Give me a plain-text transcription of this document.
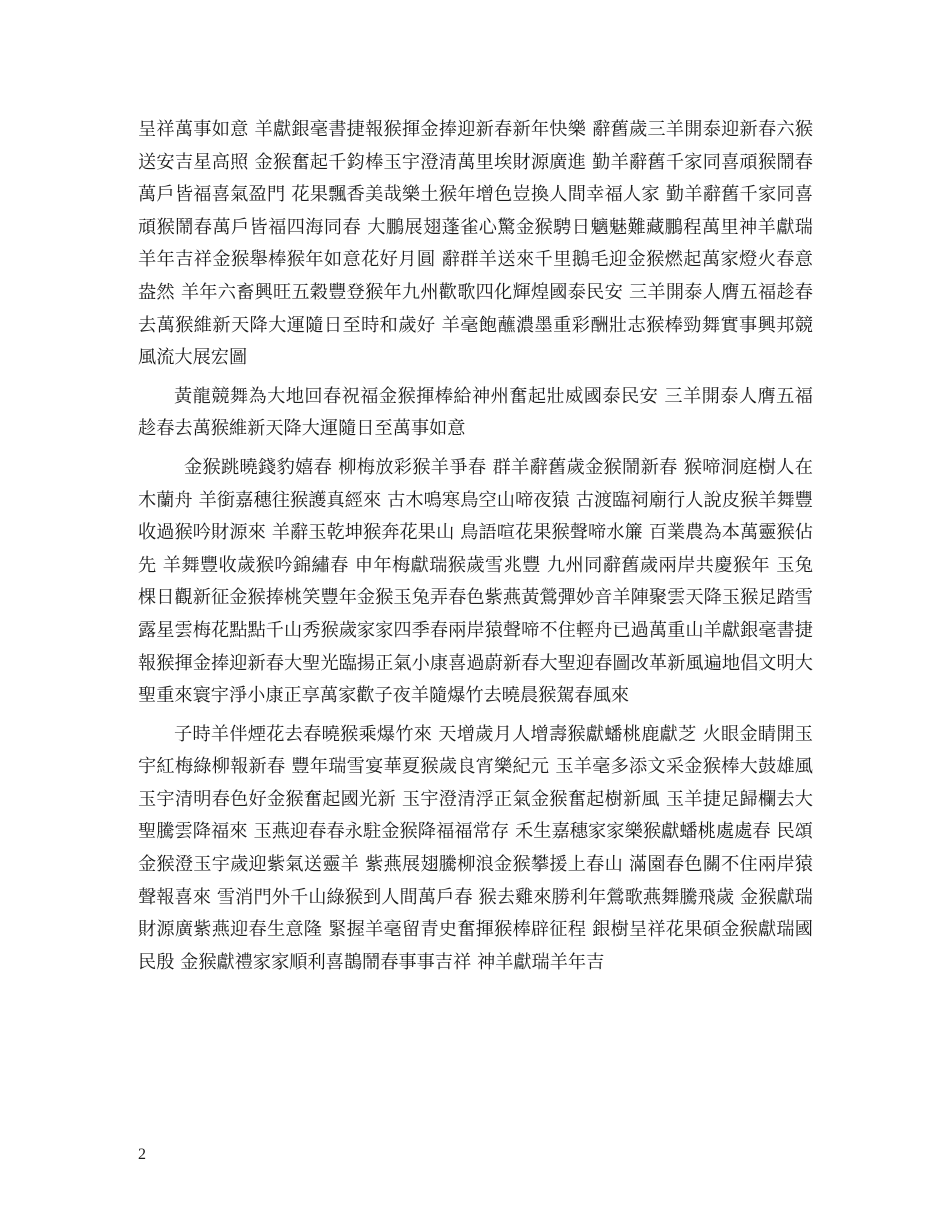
呈祥萬事如意 羊獻銀毫書捷報猴揮金捧迎新春新年快樂 辭舊歲三羊開泰迎新春六猴送安吉星高照 金猴奮起千鈞棒玉宇澄清萬里埃財源廣進 勤羊辭舊千家同喜頑猴鬧春萬戶皆福喜氣盈門 花果飄香美哉樂土猴年增色豈換人間幸福人家 勤羊辭舊千家同喜頑猴鬧春萬戶皆福四海同春 大鵬展翅蓬雀心驚金猴騁日魑魅難藏鵬程萬里神羊獻瑞羊年吉祥金猴舉棒猴年如意花好月圓 辭群羊送來千里鵝毛迎金猴燃起萬家燈火春意盎然 羊年六畜興旺五穀豐登猴年九州歡歌四化輝煌國泰民安 三羊開泰人膺五福趁春去萬猴維新天降大運隨日至時和歲好 羊毫飽蘸濃墨重彩酬壯志猴棒勁舞實事興邦競風流大展宏圖

黃龍競舞為大地回春祝福金猴揮棒給神州奮起壯威國泰民安 三羊開泰人膺五福趁春去萬猴維新天降大運隨日至萬事如意

金猴跳曉錢豹嬉春 柳梅放彩猴羊爭春 群羊辭舊歲金猴鬧新春 猴啼洞庭樹人在木蘭舟 羊銜嘉穗往猴護真經來 古木鳴寒鳥空山啼夜猿 古渡臨祠廟行人說皮猴羊舞豐收過猴吟財源來 羊辭玉乾坤猴奔花果山 鳥語喧花果猴聲啼水簾 百業農為本萬靈猴佔先 羊舞豐收歲猴吟錦繡春 申年梅獻瑞猴歲雪兆豐 九州同辭舊歲兩岸共慶猴年 玉兔棵日觀新征金猴捧桃笑豐年金猴玉兔弄春色紫燕黃鶯彈妙音羊陣聚雲天降玉猴足踏雪露星雲梅花點點千山秀猴歲家家四季春兩岸猿聲啼不住輕舟已過萬重山羊獻銀毫書捷報猴揮金捧迎新春大聖光臨揚正氣小康喜過蔚新春大聖迎春圖改革新風遍地倡文明大聖重來寰宇淨小康正享萬家歡子夜羊隨爆竹去曉晨猴駕春風來

子時羊伴煙花去春曉猴乘爆竹來 天增歲月人增壽猴獻蟠桃鹿獻芝 火眼金睛開玉宇紅梅綠柳報新春 豐年瑞雪宴華夏猴歲良宵樂紀元 玉羊毫多添文采金猴棒大鼓雄風 玉宇清明春色好金猴奮起國光新 玉宇澄清浮正氣金猴奮起樹新風 玉羊捷足歸欄去大聖騰雲降福來 玉燕迎春春永駐金猴降福福常存 禾生嘉穗家家樂猴獻蟠桃處處春 民頌金猴澄玉宇歲迎紫氣送靈羊 紫燕展翅騰柳浪金猴攀援上春山 滿園春色關不住兩岸猿聲報喜來 雪消門外千山綠猴到人間萬戶春 猴去雞來勝利年鶯歌燕舞騰飛歲 金猴獻瑞財源廣紫燕迎春生意隆 緊握羊毫留青史奮揮猴棒辟征程 銀樹呈祥花果碩金猴獻瑞國民殷 金猴獻禮家家順利喜鵲鬧春事事吉祥 神羊獻瑞羊年吉

2
